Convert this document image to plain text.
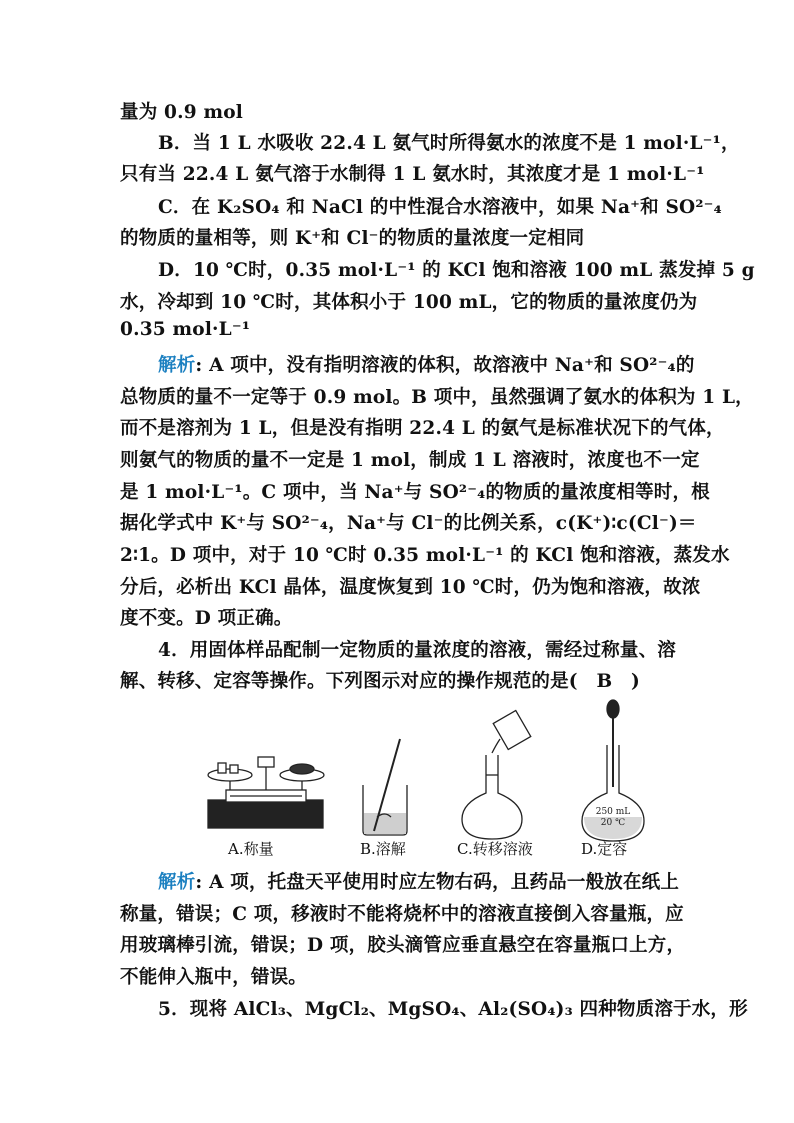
量为 0.9 mol
B．当 1 L 水吸收 22.4 L 氨气时所得氨水的浓度不是 1 mol·L⁻¹，
只有当 22.4 L 氨气溶于水制得 1 L 氨水时，其浓度才是 1 mol·L⁻¹
C．在 K₂SO₄ 和 NaCl 的中性混合水溶液中，如果 Na⁺和 SO²⁻₄
的物质的量相等，则 K⁺和 Cl⁻的物质的量浓度一定相同
D．10 ℃时，0.35 mol·L⁻¹ 的 KCl 饱和溶液 100 mL 蒸发掉 5 g
水，冷却到 10 ℃时，其体积小于 100 mL，它的物质的量浓度仍为
0.35 mol·L⁻¹
解析: A 项中，没有指明溶液的体积，故溶液中 Na⁺和 SO²⁻₄的
总物质的量不一定等于 0.9 mol。B 项中，虽然强调了氨水的体积为 1 L，
而不是溶剂为 1 L，但是没有指明 22.4 L 的氨气是标准状况下的气体，
则氨气的物质的量不一定是 1 mol，制成 1 L 溶液时，浓度也不一定
是 1 mol·L⁻¹。C 项中，当 Na⁺与 SO²⁻₄的物质的量浓度相等时，根
据化学式中 K⁺与 SO²⁻₄，Na⁺与 Cl⁻的比例关系，c(K⁺)∶c(Cl⁻)＝
2∶1。D 项中，对于 10 ℃时 0.35 mol·L⁻¹ 的 KCl 饱和溶液，蒸发水
分后，必析出 KCl 晶体，温度恢复到 10 ℃时，仍为饱和溶液，故浓
度不变。D 项正确。
4．用固体样品配制一定物质的量浓度的溶液，需经过称量、溶
解、转移、定容等操作。下列图示对应的操作规范的是(　B　)
250 mL
20 ℃
A.称量	B.溶解	C.转移溶液	D.定容
解析: A 项，托盘天平使用时应左物右码，且药品一般放在纸上
称量，错误；C 项，移液时不能将烧杯中的溶液直接倒入容量瓶，应
用玻璃棒引流，错误；D 项，胶头滴管应垂直悬空在容量瓶口上方，
不能伸入瓶中，错误。
5．现将 AlCl₃、MgCl₂、MgSO₄、Al₂(SO₄)₃ 四种物质溶于水，形
